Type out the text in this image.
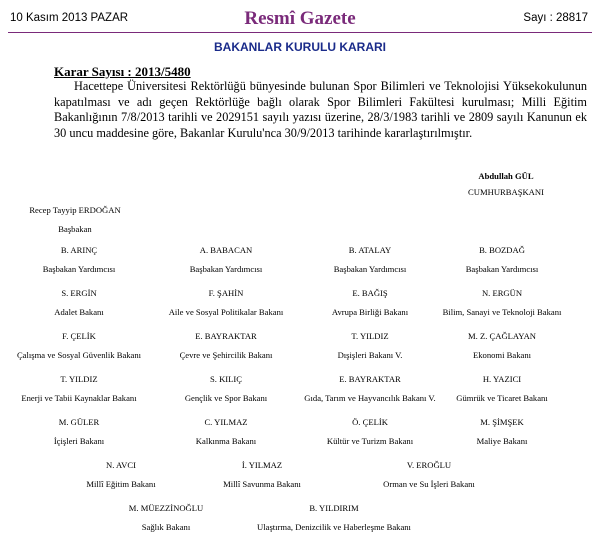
10 Kasım 2013 PAZAR	Resmî Gazete	Sayı : 28817
BAKANLAR KURULU KARARI
Karar Sayısı : 2013/5480
Hacettepe Üniversitesi Rektörlüğü bünyesinde bulunan Spor Bilimleri ve Teknolojisi Yüksekokulunun kapatılması ve adı geçen Rektörlüğe bağlı olarak Spor Bilimleri Fakültesi kurulması; Milli Eğitim Bakanlığının 7/8/2013 tarihli ve 2029151 sayılı yazısı üzerine, 28/3/1983 tarihli ve 2809 sayılı Kanunun ek 30 uncu maddesine göre, Bakanlar Kurulu'nca 30/9/2013 tarihinde kararlaştırılmıştır.
Abdullah GÜL
CUMHURBAŞKANI
Recep Tayyip ERDOĞAN
Başbakan
B. ARINÇ
Başbakan Yardımcısı
A. BABACAN
Başbakan Yardımcısı
B. ATALAY
Başbakan Yardımcısı
B. BOZDAĞ
Başbakan Yardımcısı
S. ERGİN
Adalet Bakanı
F. ŞAHİN
Aile ve Sosyal Politikalar Bakanı
E. BAĞIŞ
Avrupa Birliği Bakanı
N. ERGÜN
Bilim, Sanayi ve Teknoloji Bakanı
F. ÇELİK
Çalışma ve Sosyal Güvenlik Bakanı
E. BAYRAKTAR
Çevre ve Şehircilik Bakanı
T. YILDIZ
Dışişleri Bakanı V.
M. Z. ÇAĞLAYAN
Ekonomi Bakanı
T. YILDIZ
Enerji ve Tabii Kaynaklar Bakanı
S. KILIÇ
Gençlik ve Spor Bakanı
E. BAYRAKTAR
Gıda, Tarım ve Hayvancılık Bakanı V.
H. YAZICI
Gümrük ve Ticaret Bakanı
M. GÜLER
İçişleri Bakanı
C. YILMAZ
Kalkınma Bakanı
Ö. ÇELİK
Kültür ve Turizm Bakanı
M. ŞİMŞEK
Maliye Bakanı
N. AVCI
Millî Eğitim Bakanı
İ. YILMAZ
Millî Savunma Bakanı
V. EROĞLU
Orman ve Su İşleri Bakanı
M. MÜEZZİNOĞLU
Sağlık Bakanı
B. YILDIRIM
Ulaştırma, Denizcilik ve Haberleşme Bakanı
